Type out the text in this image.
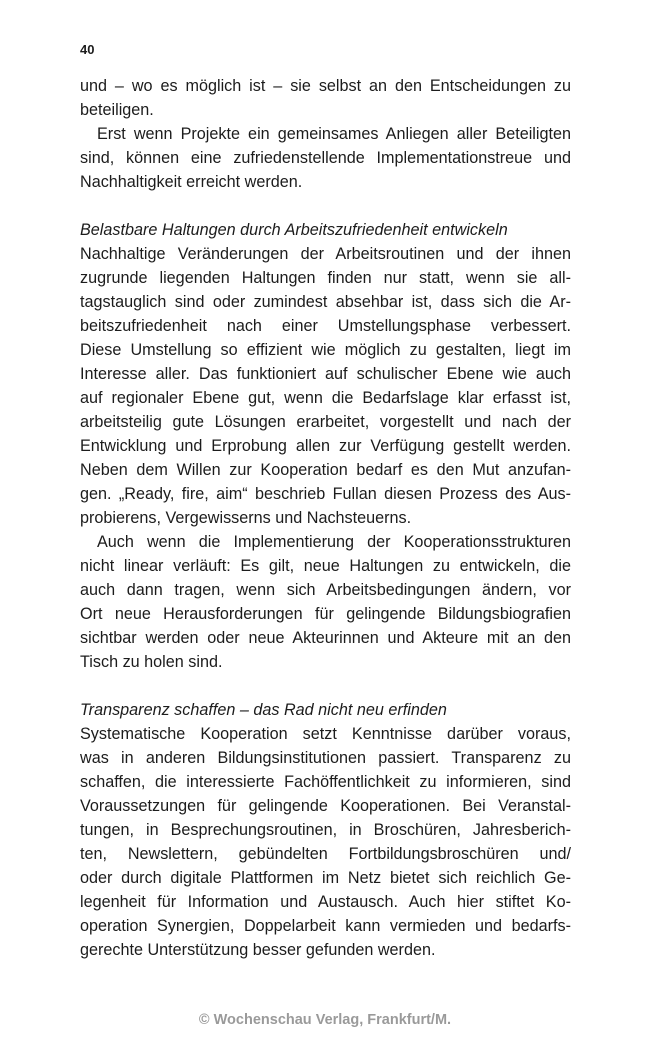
40

und – wo es möglich ist – sie selbst an den Entscheidungen zu

beteiligen.

Erst wenn Projekte ein gemeinsames Anliegen aller Beteiligten

sind, können eine zufriedenstellende Implementationstreue und

Nachhaltigkeit erreicht werden.

Belastbare Haltungen durch Arbeitszufriedenheit entwickeln

Nachhaltige Veränderungen der Arbeitsroutinen und der ihnen

zugrunde liegenden Haltungen finden nur statt, wenn sie all-

tagstauglich sind oder zumindest absehbar ist, dass sich die Ar-

beitszufriedenheit nach einer Umstellungsphase verbessert.

Diese Umstellung so effizient wie möglich zu gestalten, liegt im

Interesse aller. Das funktioniert auf schulischer Ebene wie auch

auf regionaler Ebene gut, wenn die Bedarfslage klar erfasst ist,

arbeitsteilig gute Lösungen erarbeitet, vorgestellt und nach der

Entwicklung und Erprobung allen zur Verfügung gestellt werden.

Neben dem Willen zur Kooperation bedarf es den Mut anzufan-

gen. „Ready, fire, aim“ beschrieb Fullan diesen Prozess des Aus-

probierens, Vergewisserns und Nachsteuerns.

Auch wenn die Implementierung der Kooperationsstrukturen

nicht linear verläuft: Es gilt, neue Haltungen zu entwickeln, die

auch dann tragen, wenn sich Arbeitsbedingungen ändern, vor

Ort neue Herausforderungen für gelingende Bildungsbiografien

sichtbar werden oder neue Akteurinnen und Akteure mit an den

Tisch zu holen sind.

Transparenz schaffen – das Rad nicht neu erfinden

Systematische Kooperation setzt Kenntnisse darüber voraus,

was in anderen Bildungsinstitutionen passiert. Transparenz zu

schaffen, die interessierte Fachöffentlichkeit zu informieren, sind

Voraussetzungen für gelingende Kooperationen. Bei Veranstal-

tungen, in Besprechungsroutinen, in Broschüren, Jahresberich-

ten, Newslettern, gebündelten Fortbildungsbroschüren und/

oder durch digitale Plattformen im Netz bietet sich reichlich Ge-

legenheit für Information und Austausch. Auch hier stiftet Ko-

operation Synergien, Doppelarbeit kann vermieden und bedarfs-

gerechte Unterstützung besser gefunden werden.

© Wochenschau Verlag, Frankfurt/M.
